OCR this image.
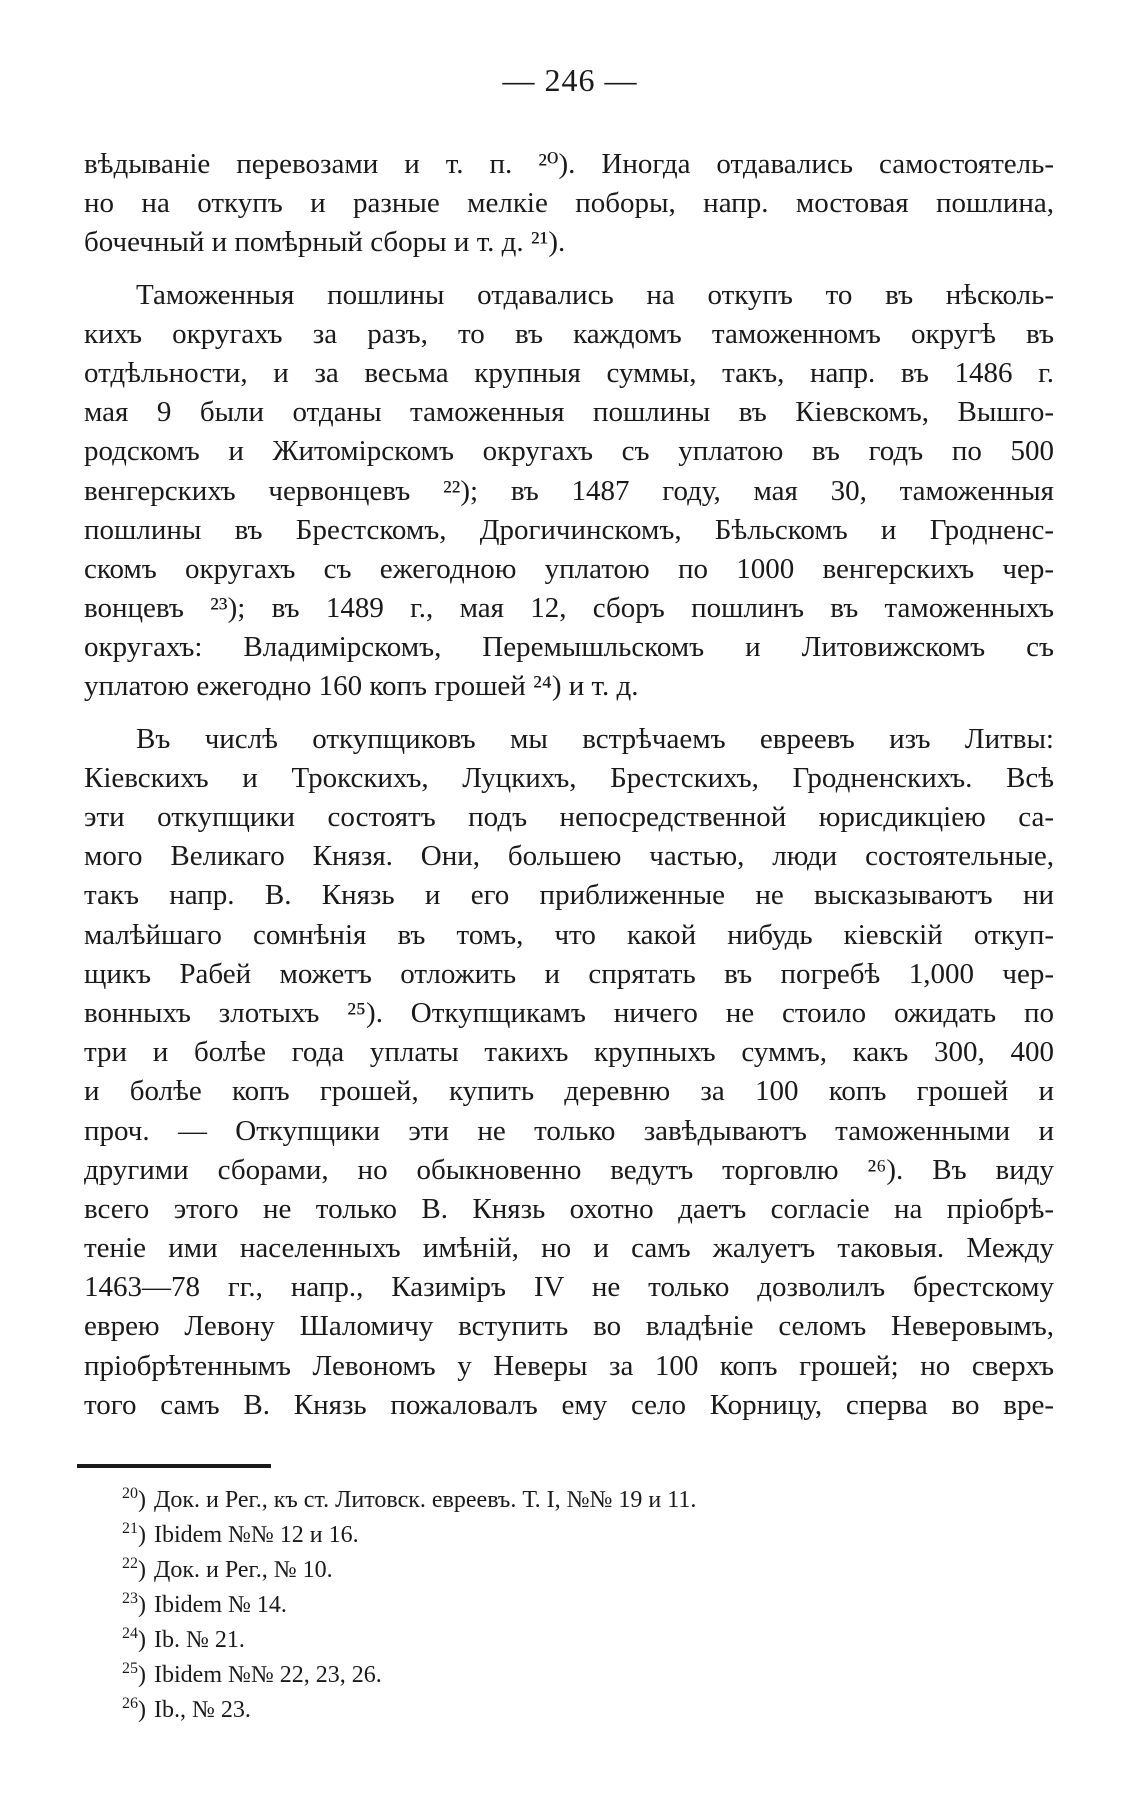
— 246 —
вѣдываніе перевозами и т. п. ²⁰). Иногда отдавались самостоятель-
но на откупъ и разные мелкіе поборы, напр. мостовая пошлина,
бочечный и помѣрный сборы и т. д. ²¹).
Таможенныя пошлины отдавались на откупъ то въ нѣсколь-
кихъ округахъ за разъ, то въ каждомъ таможенномъ округѣ въ
отдѣльности, и за весьма крупныя суммы, такъ, напр. въ 1486 г.
мая 9 были отданы таможенныя пошлины въ Кіевскомъ, Вышго-
родскомъ и Житомірскомъ округахъ съ уплатою въ годъ по 500
венгерскихъ червонцевъ ²²); въ 1487 году, мая 30, таможенныя
пошлины въ Брестскомъ, Дрогичинскомъ, Бѣльскомъ и Гродненс-
скомъ округахъ съ ежегодною уплатою по 1000 венгерскихъ чер-
вонцевъ ²³); въ 1489 г., мая 12, сборъ пошлинъ въ таможенныхъ
округахъ: Владимірскомъ, Перемышльскомъ и Литовижскомъ съ
уплатою ежегодно 160 копъ грошей ²⁴) и т. д.
Въ числѣ откупщиковъ мы встрѣчаемъ евреевъ изъ Литвы:
Кіевскихъ и Трокскихъ, Луцкихъ, Брестскихъ, Гродненскихъ. Всѣ
эти откупщики состоятъ подъ непосредственной юрисдикціею са-
мого Великаго Князя. Они, большею частью, люди состоятельные,
такъ напр. В. Князь и его приближенные не высказываютъ ни
малѣйшаго сомнѣнія въ томъ, что какой нибудь кіевскій откуп-
щикъ Рабей можетъ отложить и спрятать въ погребѣ 1,000 чер-
вонныхъ злотыхъ ²⁵). Откупщикамъ ничего не стоило ожидать по
три и болѣе года уплаты такихъ крупныхъ суммъ, какъ 300, 400
и болѣе копъ грошей, купить деревню за 100 копъ грошей и
проч. — Откупщики эти не только завѣдываютъ таможенными и
другими сборами, но обыкновенно ведутъ торговлю ²⁶). Въ виду
всего этого не только В. Князь охотно даетъ согласіе на пріобрѣ-
теніе ими населенныхъ имѣній, но и самъ жалуетъ таковыя. Между
1463—78 гг., напр., Казиміръ IV не только дозволилъ брестскому
еврею Левону Шаломичу вступить во владѣніе селомъ Неверовымъ,
пріобрѣтеннымъ Левономъ у Неверы за 100 копъ грошей; но сверхъ
того самъ В. Князь пожаловалъ ему село Корницу, сперва во вре-
$^{20}$) Док. и Рег., къ ст. Литовск. евреевъ. Т. I, №№ 19 и 11.
$^{21}$) Ibidem №№ 12 и 16.
$^{22}$) Док. и Рег., № 10.
$^{23}$) Ibidem № 14.
$^{24}$) Ib. № 21.
$^{25}$) Ibidem №№ 22, 23, 26.
$^{26}$) Ib., № 23.
